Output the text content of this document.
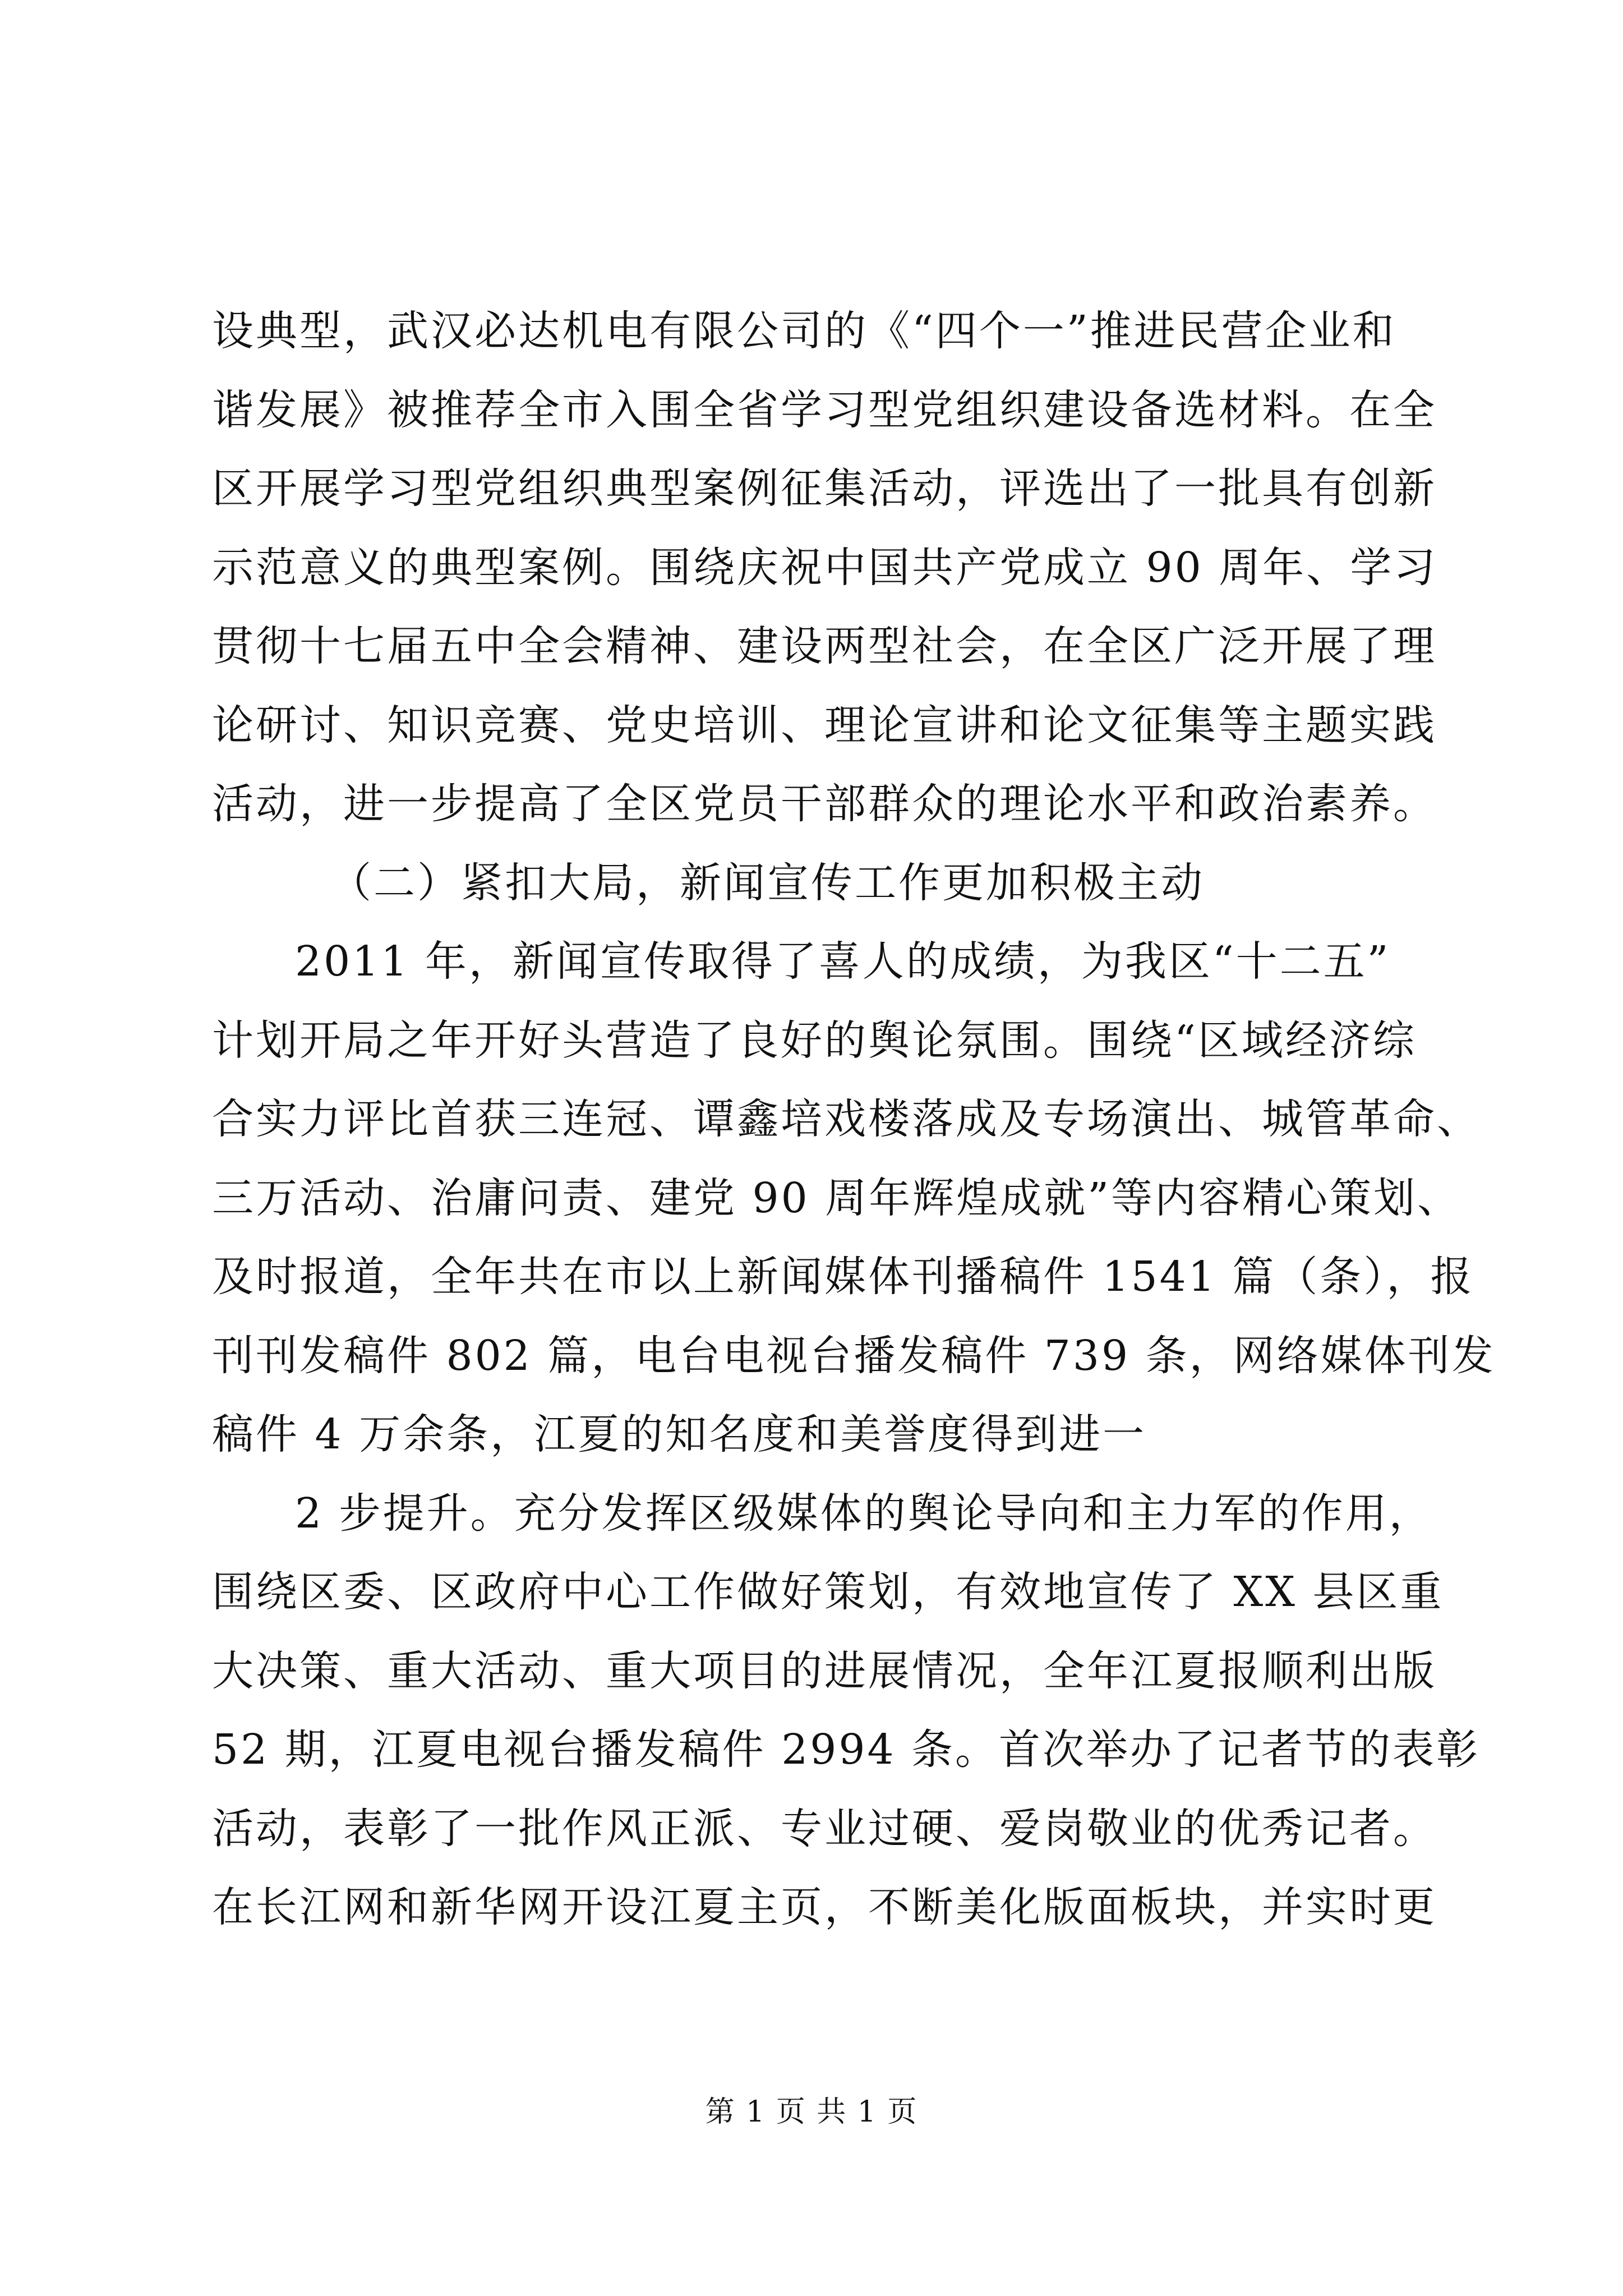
设典型，武汉必达机电有限公司的《“四个一”推进民营企业和
谐发展》被推荐全市入围全省学习型党组织建设备选材料。在全
区开展学习型党组织典型案例征集活动，评选出了一批具有创新
示范意义的典型案例。围绕庆祝中国共产党成立 90 周年、学习
贯彻十七届五中全会精神、建设两型社会，在全区广泛开展了理
论研讨、知识竞赛、党史培训、理论宣讲和论文征集等主题实践
活动，进一步提高了全区党员干部群众的理论水平和政治素养。
（二）紧扣大局，新闻宣传工作更加积极主动
2011 年，新闻宣传取得了喜人的成绩，为我区“十二五”
计划开局之年开好头营造了良好的舆论氛围。围绕“区域经济综
合实力评比首获三连冠、谭鑫培戏楼落成及专场演出、城管革命、
三万活动、治庸问责、建党 90 周年辉煌成就”等内容精心策划、
及时报道，全年共在市以上新闻媒体刊播稿件 1541 篇（条），报
刊刊发稿件 802 篇，电台电视台播发稿件 739 条，网络媒体刊发
稿件 4 万余条，江夏的知名度和美誉度得到进一
2 步提升。充分发挥区级媒体的舆论导向和主力军的作用，
围绕区委、区政府中心工作做好策划，有效地宣传了 XX 县区重
大决策、重大活动、重大项目的进展情况，全年江夏报顺利出版
52 期，江夏电视台播发稿件 2994 条。首次举办了记者节的表彰
活动，表彰了一批作风正派、专业过硬、爱岗敬业的优秀记者。
在长江网和新华网开设江夏主页，不断美化版面板块，并实时更
第 1 页 共 1 页
